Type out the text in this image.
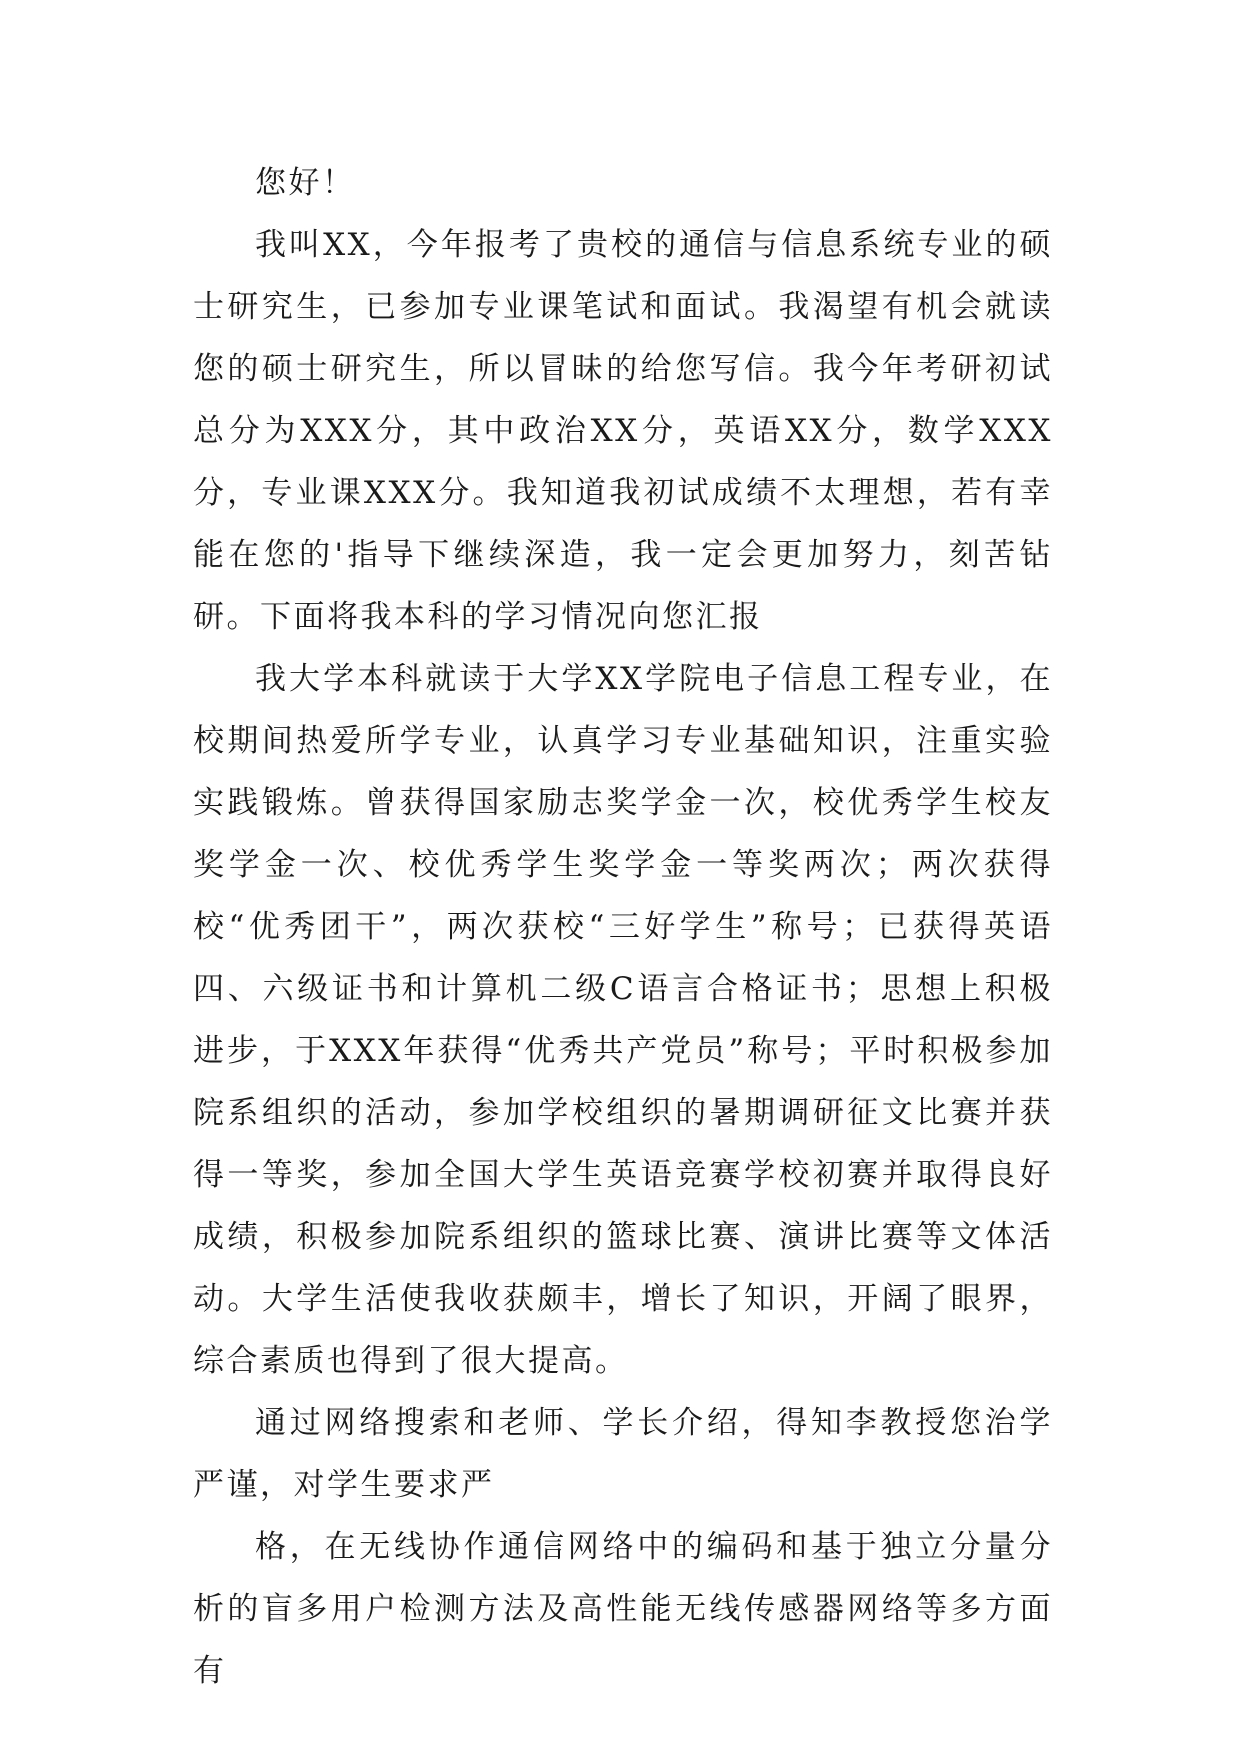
您好！

我叫XX，今年报考了贵校的通信与信息系统专业的硕士研究生，已参加专业课笔试和面试。我渴望有机会就读您的硕士研究生，所以冒昧的给您写信。我今年考研初试总分为XXX分，其中政治XX分，英语XX分，数学XXX分，专业课XXX分。我知道我初试成绩不太理想，若有幸能在您的'指导下继续深造，我一定会更加努力，刻苦钻研。下面将我本科的学习情况向您汇报

我大学本科就读于大学XX学院电子信息工程专业，在校期间热爱所学专业，认真学习专业基础知识，注重实验实践锻炼。曾获得国家励志奖学金一次，校优秀学生校友奖学金一次、校优秀学生奖学金一等奖两次；两次获得校“优秀团干”，两次获校“三好学生”称号；已获得英语四、六级证书和计算机二级C语言合格证书；思想上积极进步，于XXX年获得“优秀共产党员”称号；平时积极参加院系组织的活动，参加学校组织的暑期调研征文比赛并获得一等奖，参加全国大学生英语竞赛学校初赛并取得良好成绩，积极参加院系组织的篮球比赛、演讲比赛等文体活动。大学生活使我收获颇丰，增长了知识，开阔了眼界，综合素质也得到了很大提高。

通过网络搜索和老师、学长介绍，得知李教授您治学严谨，对学生要求严

格，在无线协作通信网络中的编码和基于独立分量分析的盲多用户检测方法及高性能无线传感器网络等多方面有
